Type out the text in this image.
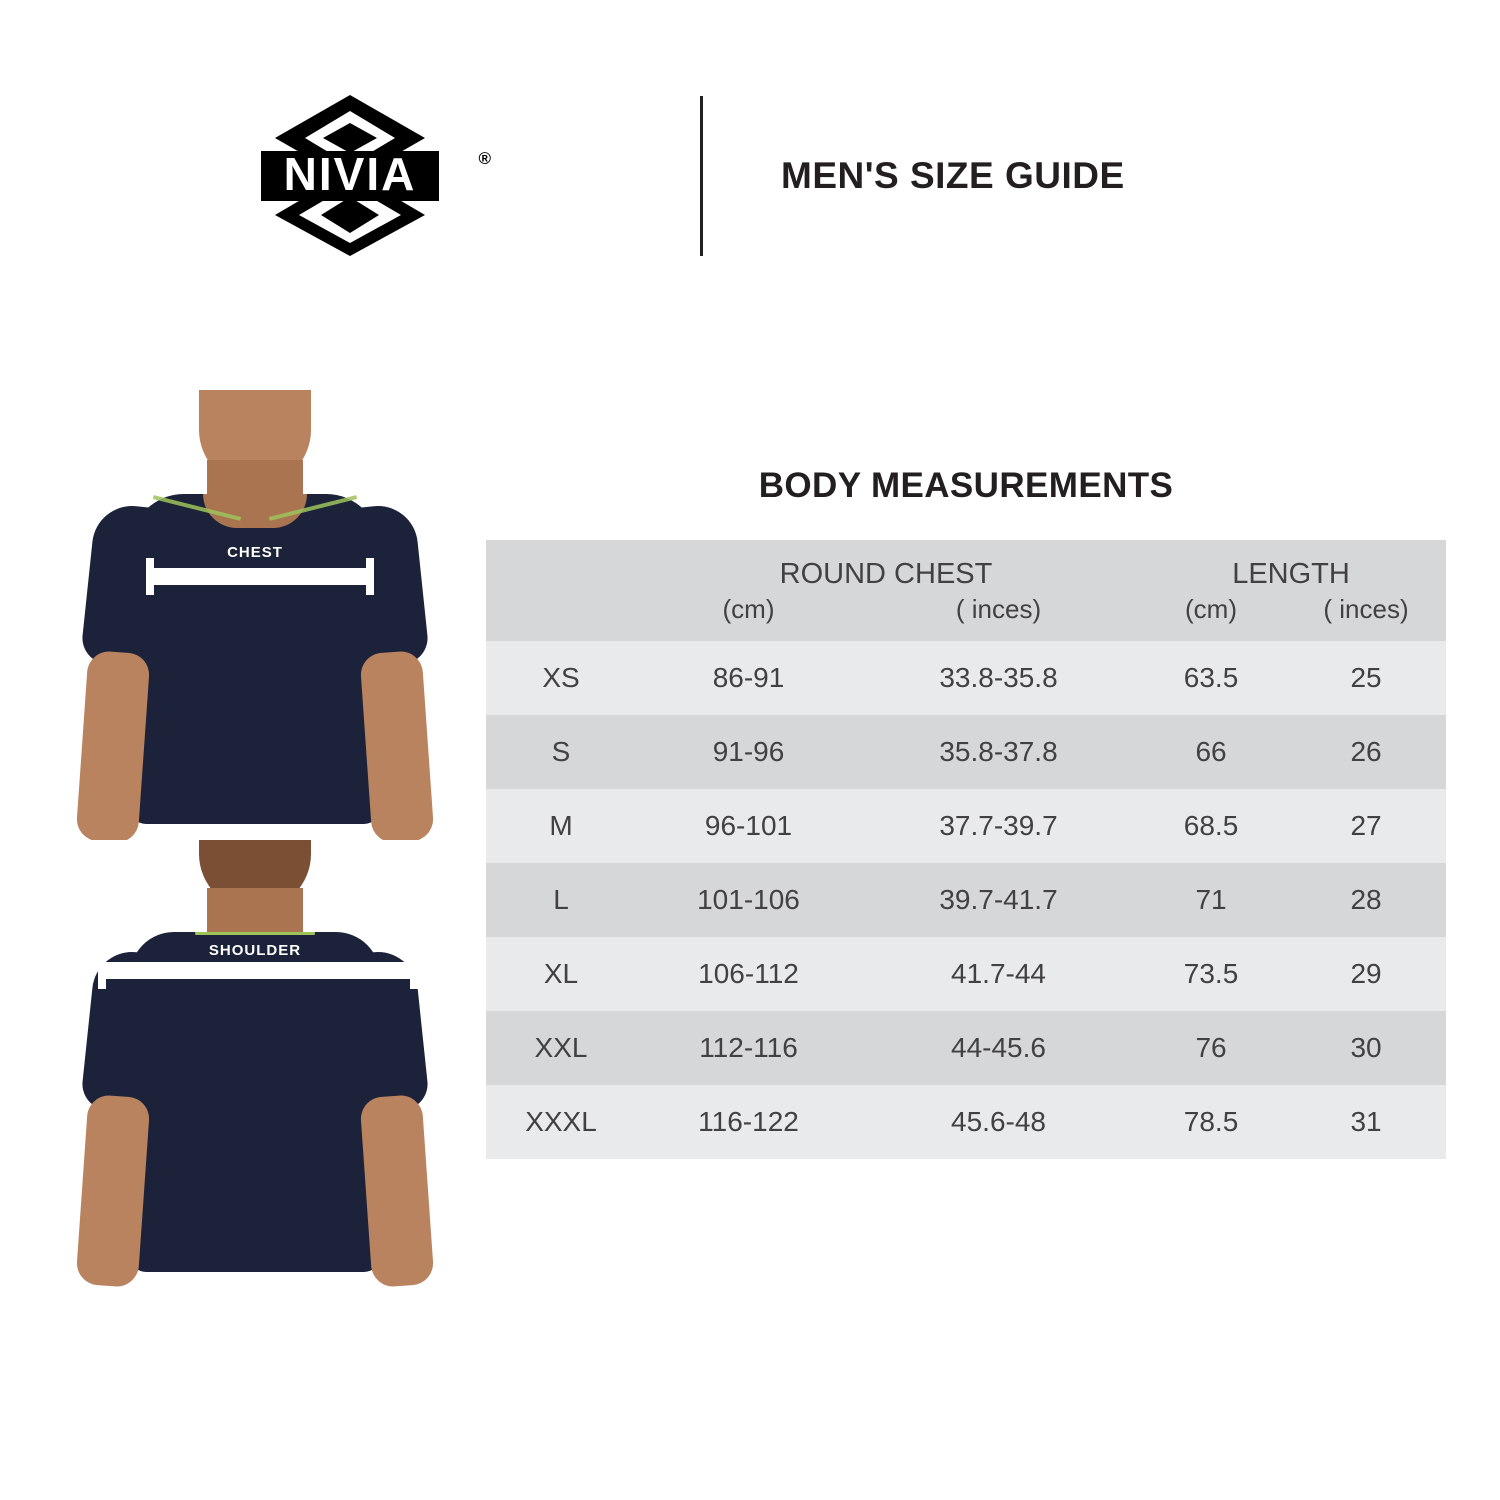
NIVIA	®	MEN'S SIZE GUIDE
CHEST
SHOULDER
BODY MEASUREMENTS
	ROUND CHEST		LENGTH	
	(cm)	( inces)	(cm)	( inces)
XS	86-91	33.8-35.8	63.5	25
S	91-96	35.8-37.8	66	26
M	96-101	37.7-39.7	68.5	27
L	101-106	39.7-41.7	71	28
XL	106-112	41.7-44	73.5	29
XXL	112-116	44-45.6	76	30
XXXL	116-122	45.6-48	78.5	31
